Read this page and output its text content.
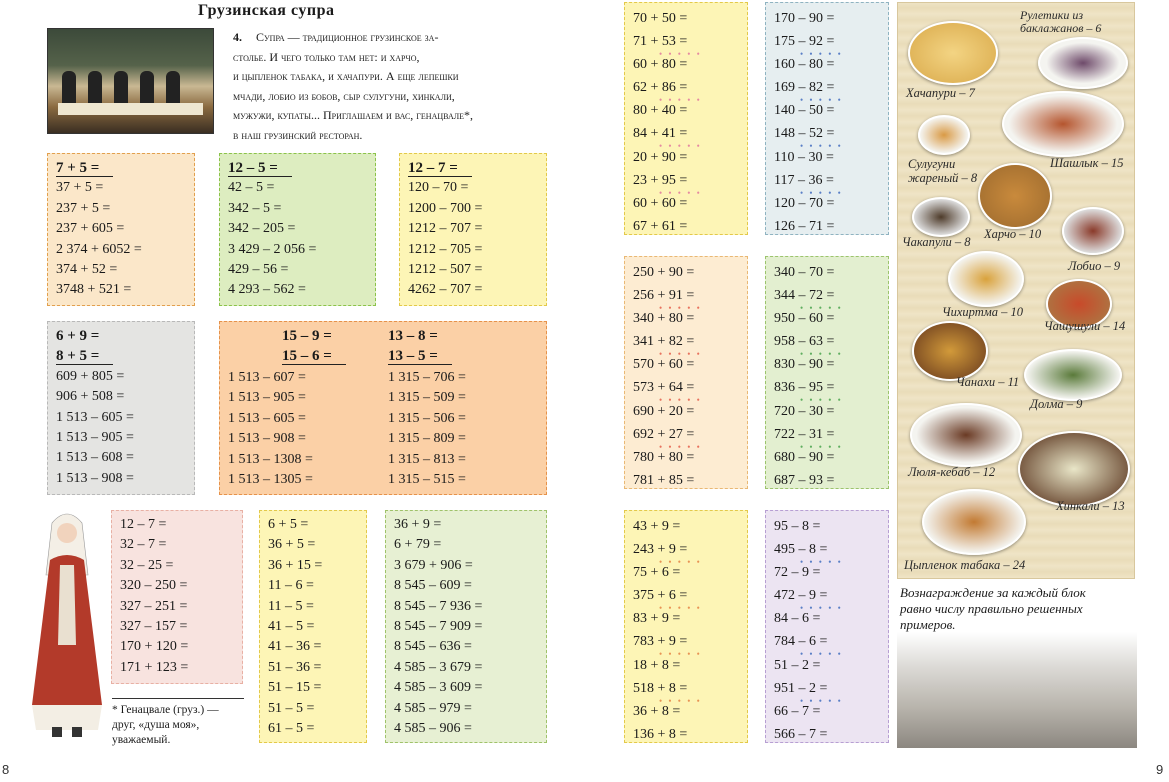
Грузинская супра
4. Супра — традиционное грузинское за-
столье. И чего только там нет: и харчо,
и цыпленок табака, и хачапури. А еще лепешки
мчади, лобио из бобов, сыр сулугуни, хинкали,
мужужи, купаты... Приглашаем и вас, генацвале*,
в наш грузинский ресторан.
7 + 5 =
37 + 5 =
237 + 5 =
237 + 605 =
2 374 + 6052 =
374 + 52 =
3748 + 521 =
12 – 5 =
42 – 5 =
342 – 5 =
342 – 205 =
3 429 – 2 056 =
429 – 56 =
4 293 – 562 =
12 – 7 =
120 – 70 =
1200 – 700 =
1212 – 707 =
1212 – 705 =
1212 – 507 =
4262 – 707 =
6 + 9 =
8 + 5 =
609 + 805 =
906 + 508 =
1 513 – 605 =
1 513 – 905 =
1 513 – 608 =
1 513 – 908 =
15 – 9 =
15 – 6 =
13 – 8 =
13 – 5 =
1 513 – 607 =
1 513 – 905 =
1 513 – 605 =
1 513 – 908 =
1 513 – 1308 =
1 513 – 1305 =
1 315 – 706 =
1 315 – 509 =
1 315 – 506 =
1 315 – 809 =
1 315 – 813 =
1 315 – 515 =
12 – 7 =
32 – 7 =
32 – 25 =
320 – 250 =
327 – 251 =
327 – 157 =
170 + 120 =
171 + 123 =
* Генацвале (груз.) —
друг, «душа моя»,
уважаемый.
6 + 5 =
36 + 5 =
36 + 15 =
11 – 6 =
11 – 5 =
41 – 5 =
41 – 36 =
51 – 36 =
51 – 15 =
51 – 5 =
61 – 5 =
36 + 9 =
6 + 79 =
3 679 + 906 =
8 545 – 609 =
8 545 – 7 936 =
8 545 – 7 909 =
8 545 – 636 =
4 585 – 3 679 =
4 585 – 3 609 =
4 585 – 979 =
4 585 – 906 =
8
70 + 50 =
71 + 53 =
• • • • •
60 + 80 =
62 + 86 =
• • • • •
80 + 40 =
84 + 41 =
• • • • •
20 + 90 =
23 + 95 =
• • • • •
60 + 60 =
67 + 61 =
170 – 90 =
175 – 92 =
• • • • •
160 – 80 =
169 – 82 =
• • • • •
140 – 50 =
148 – 52 =
• • • • •
110 – 30 =
117 – 36 =
• • • • •
120 – 70 =
126 – 71 =
250 + 90 =
256 + 91 =
• • • • •
340 + 80 =
341 + 82 =
• • • • •
570 + 60 =
573 + 64 =
• • • • •
690 + 20 =
692 + 27 =
• • • • •
780 + 80 =
781 + 85 =
340 – 70 =
344 – 72 =
• • • • •
950 – 60 =
958 – 63 =
• • • • •
830 – 90 =
836 – 95 =
• • • • •
720 – 30 =
722 – 31 =
• • • • •
680 – 90 =
687 – 93 =
43 + 9 =
243 + 9 =
• • • • •
75 + 6 =
375 + 6 =
• • • • •
83 + 9 =
783 + 9 =
• • • • •
18 + 8 =
518 + 8 =
• • • • •
36 + 8 =
136 + 8 =
95 – 8 =
495 – 8 =
• • • • •
72 – 9 =
472 – 9 =
• • • • •
84 – 6 =
784 – 6 =
• • • • •
51 – 2 =
951 – 2 =
• • • • •
66 – 7 =
566 – 7 =
Рулетики из баклажанов – 6
Хачапури – 7
Сулугуни жареный – 8
Шашлык – 15
Чакапули – 8
Харчо – 10
Лобио – 9
Чихиртма – 10
Чашушули – 14
Чанахи – 11
Долма – 9
Люля-кебаб – 12
Хинкали – 13
Цыпленок табака – 24
Вознаграждение за каждый блок равно числу правильно решенных примеров.
9
